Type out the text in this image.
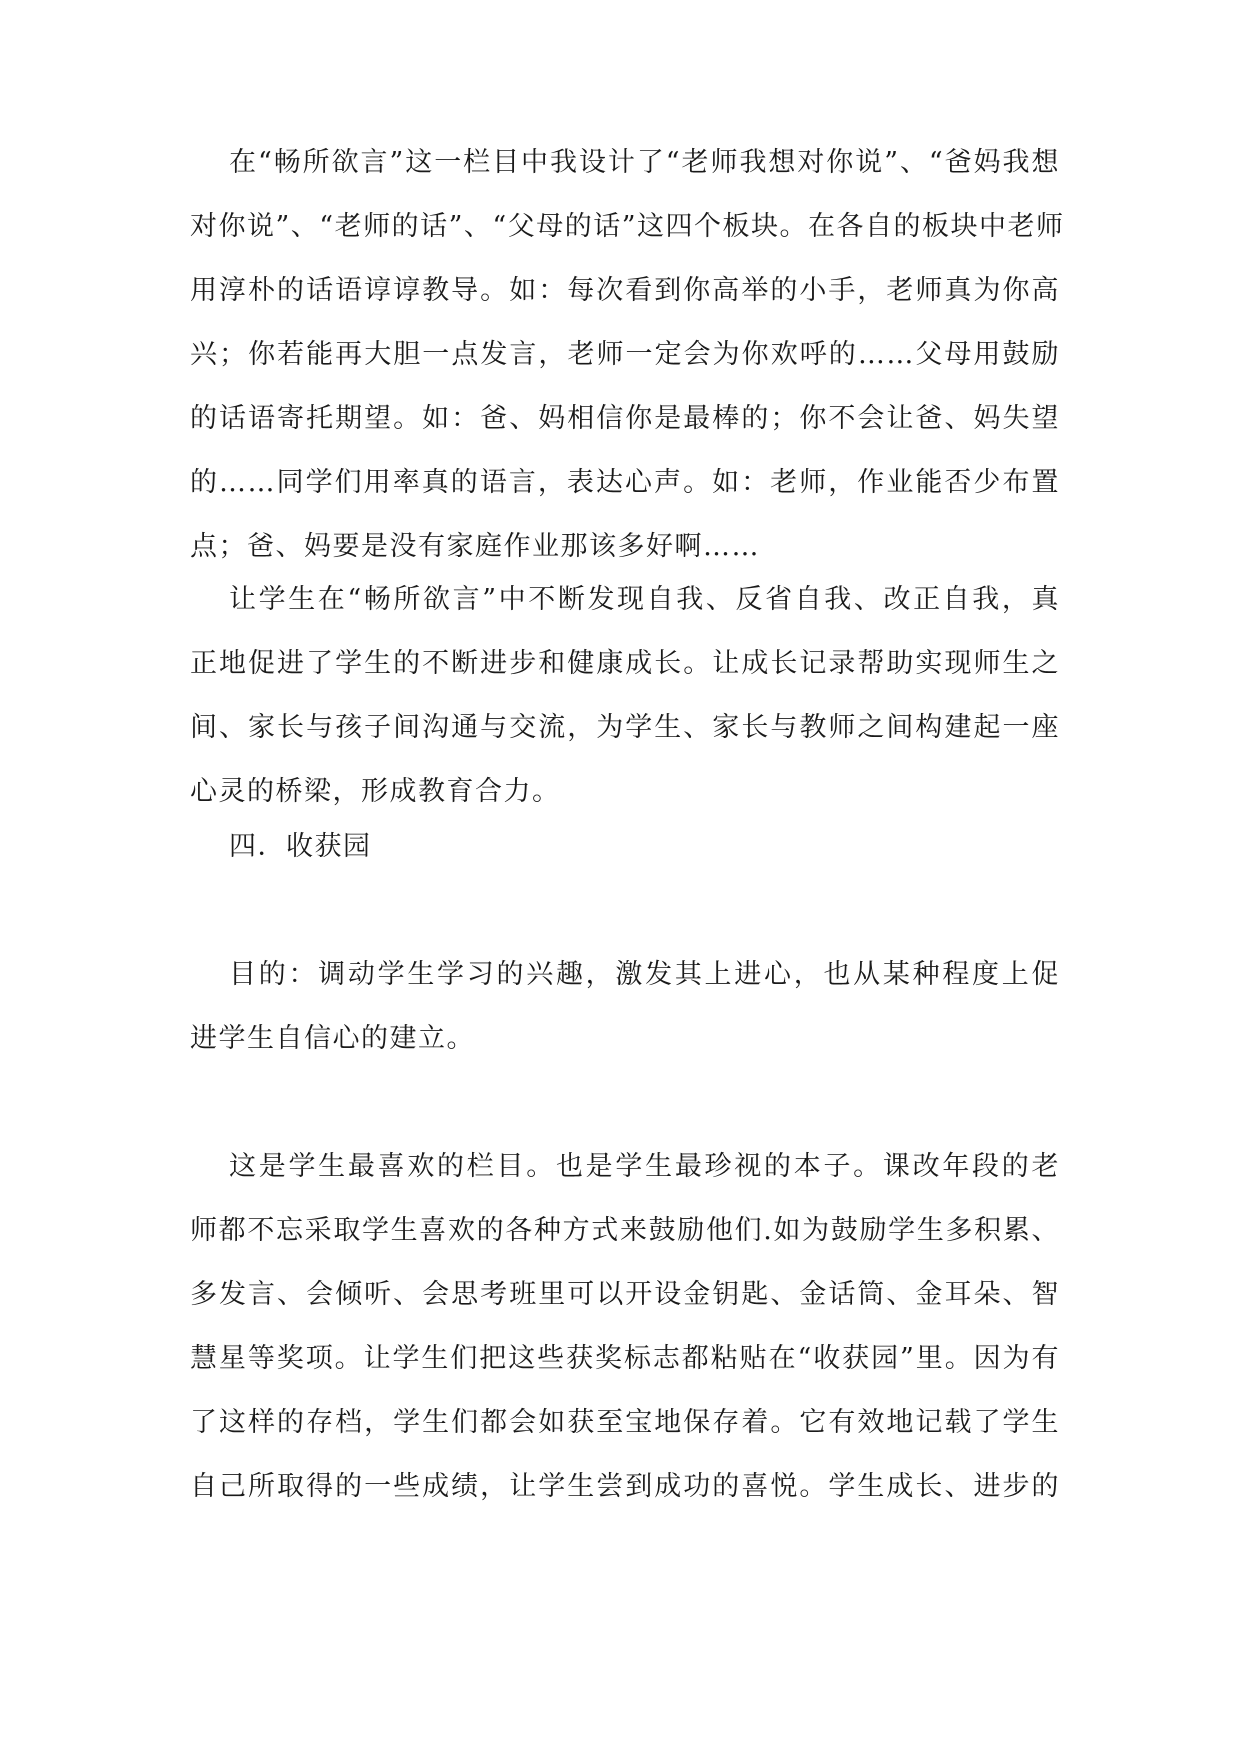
在“畅所欲言”这一栏目中我设计了“老师我想对你说”、“爸妈我想
对你说”、“老师的话”、“父母的话”这四个板块。在各自的板块中老师
用淳朴的话语谆谆教导。如：每次看到你高举的小手，老师真为你高
兴；你若能再大胆一点发言，老师一定会为你欢呼的……父母用鼓励
的话语寄托期望。如：爸、妈相信你是最棒的；你不会让爸、妈失望
的……同学们用率真的语言，表达心声。如：老师，作业能否少布置
点；爸、妈要是没有家庭作业那该多好啊……
让学生在“畅所欲言”中不断发现自我、反省自我、改正自我，真
正地促进了学生的不断进步和健康成长。让成长记录帮助实现师生之
间、家长与孩子间沟通与交流，为学生、家长与教师之间构建起一座
心灵的桥梁，形成教育合力。
四．收获园
目的：调动学生学习的兴趣，激发其上进心，也从某种程度上促
进学生自信心的建立。
这是学生最喜欢的栏目。也是学生最珍视的本子。课改年段的老
师都不忘采取学生喜欢的各种方式来鼓励他们.如为鼓励学生多积累、
多发言、会倾听、会思考班里可以开设金钥匙、金话筒、金耳朵、智
慧星等奖项。让学生们把这些获奖标志都粘贴在“收获园”里。因为有
了这样的存档，学生们都会如获至宝地保存着。它有效地记载了学生
自己所取得的一些成绩，让学生尝到成功的喜悦。学生成长、进步的
